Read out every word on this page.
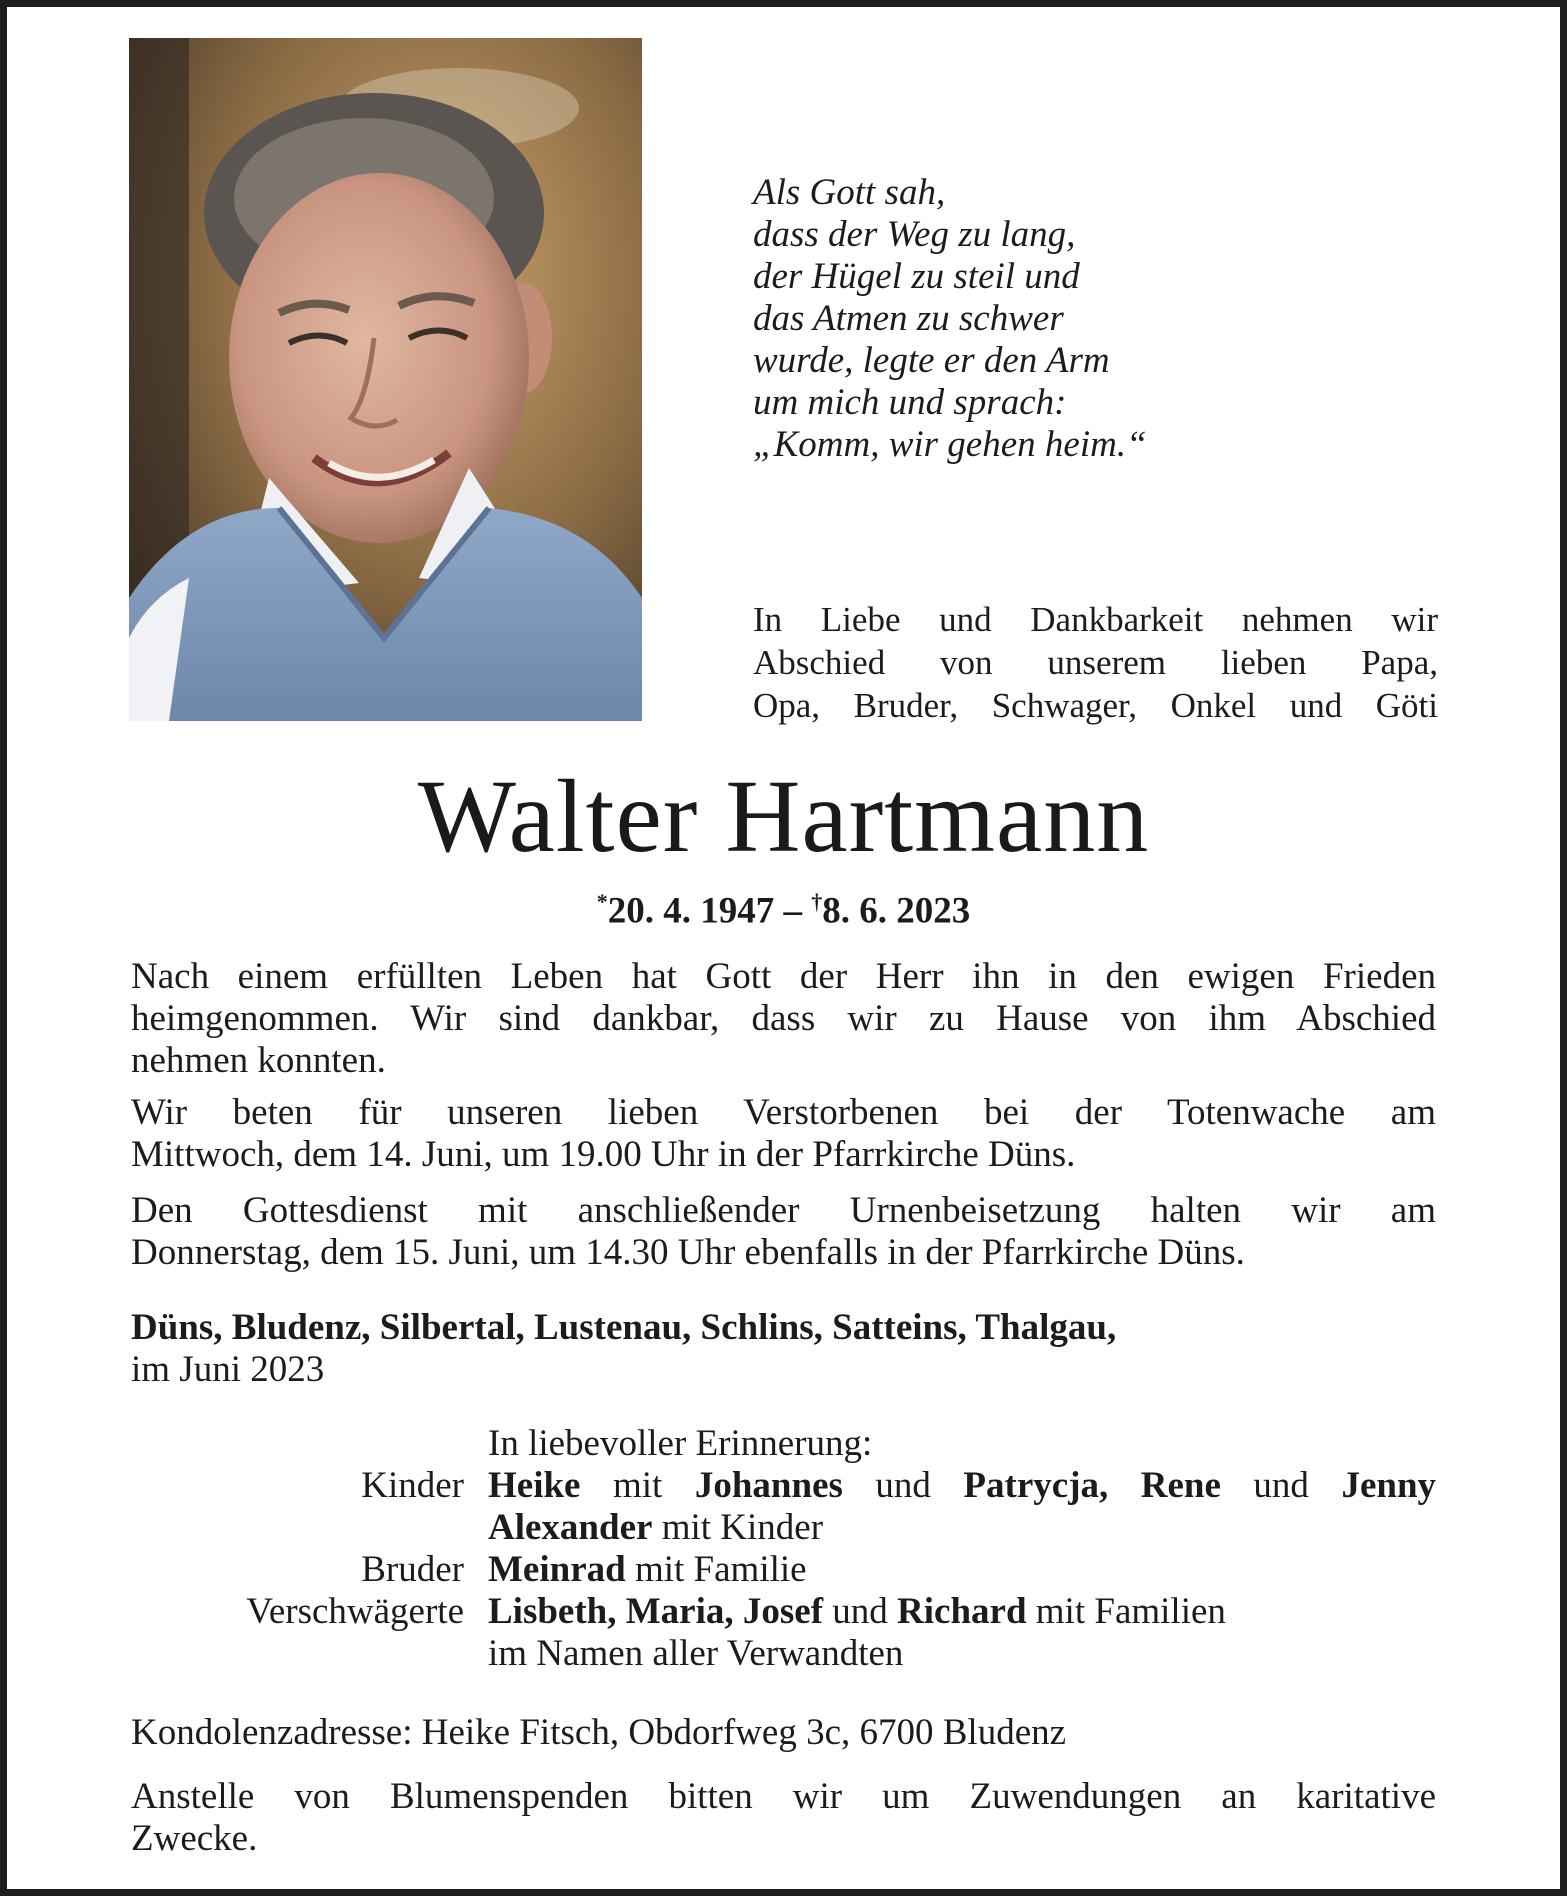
Als Gott sah,
dass der Weg zu lang,
der Hügel zu steil und
das Atmen zu schwer
wurde, legte er den Arm
um mich und sprach:
„Komm, wir gehen heim.“
In Liebe und Dankbarkeit nehmen wir
Abschied von unserem lieben Papa,
Opa, Bruder, Schwager, Onkel und Göti
Walter Hartmann
*20. 4. 1947 – †8. 6. 2023
Nach einem erfüllten Leben hat Gott der Herr ihn in den ewigen Frieden
heimgenommen. Wir sind dankbar, dass wir zu Hause von ihm Abschied
nehmen konnten.
Wir beten für unseren lieben Verstorbenen bei der Totenwache am
Mittwoch, dem 14. Juni, um 19.00 Uhr in der Pfarrkirche Düns.
Den Gottesdienst mit anschließender Urnenbeisetzung halten wir am
Donnerstag, dem 15. Juni, um 14.30 Uhr ebenfalls in der Pfarrkirche Düns.
Düns, Bludenz, Silbertal, Lustenau, Schlins, Satteins, Thalgau,
im Juni 2023
In liebevoller Erinnerung:
Kinder Heike mit Johannes und Patrycja, Rene und Jenny
Alexander mit Kinder
Bruder Meinrad mit Familie
Verschwägerte Lisbeth, Maria, Josef und Richard mit Familien
im Namen aller Verwandten
Kondolenzadresse: Heike Fitsch, Obdorfweg 3c, 6700 Bludenz
Anstelle von Blumenspenden bitten wir um Zuwendungen an karitative
Zwecke.
